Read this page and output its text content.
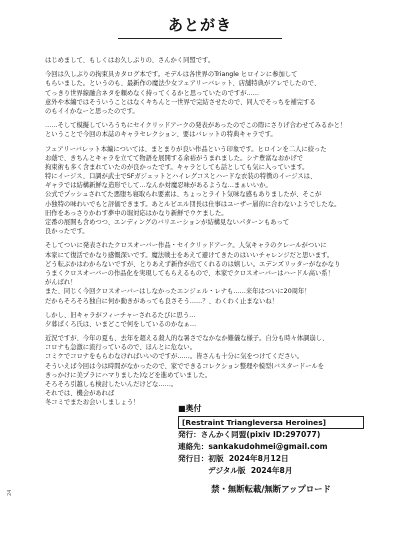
あとがき
はじめまして、もしくはお久しぶりの、さんかく同盟です。
今回は久しぶりの拘束具カタログ本です。モデルは各世界のTriangle ヒロインに参加して
もらいました。というのも、最新作の魔法少女フェアリーバレット、店舗特典がアレでしたので、
てっきり世界線融合ネタを頼めなく持ってくるかと思っていたのですが……
意外や本編ではそういうことはなくキちんと一世界で完結させたので、同人でそっちを補完する
のもイイかなーと思ったのです。
……そして模擬していろうちにセイクリッドアークの発表があったのでこの際にさりげ合わせてみるかと！
ということで今回の本誌のキャラセレクション、要はバレットの特典キャラです。
フェアリーバレット本編については、まとまりが良い作品という印象です。ヒロインを二人に絞った
お蔭で、きちんとキャラを立てて物語を展開する余裕がうまれました。シナ豊富なおかげで
拘束術も多く含まれていたのが良かったです。キャラとしても話としても気に入っています。
特にイージス、口調が武士でSFガジェットとハイレグコスとハードな衣装の特徴のイージスは、
ギャラでは結構新鮮な造形でして…なんか対魔忍味があるような…まぁいいか。
公式でプッシュされてた悪堕ち寝取られ要素は、ちょっとライト気味な感もありましたが、そこが
小独特の味わいでもと評価できます。あとルビエル団長は仕事はユーザー層的に合わないようでしたな。
旧作をあっさりかわす夢中の堀対応はかなり新鮮でウケました。
定番の展開も含めつつ、エンディングのバリエーションが結構見ないパターンもあって
良かったです。
そしてついに発表されたクロスオーバー作品・セイクリッドアーク。人気キャラのクレールがついに
本家にて復活でかなり感慨深いです。魔法戦士をあえて避けてきたのはいいチャレンジだと思います。
どう転ぶかはわからないですが、とりあえず新作が出てくれるのは嬉しい。エデンズリッターがなかなり
うまくクロスオーバーの作品化を実現してもらえるもので、本家でクロスオーバーはハードル高い系！
がんばれ！
また、同じく今回クロスオーバーはしなかったエンジェル・レナも……来年はついに20周年！
だからそろそろ独自に何か動きがあっても良さそう……？、わくわく止まないね！
しかし、旧キャラがフィーチャーされるたびに思う…
夕暮ぱくろ氏は、いまどこで何をしているのかなぁ…
近況ですが、今年の夏も、去年を超える殺人的な暑さでなかなか難儀な様子。自分も時々体調崩し、
コロナも急激に流行っているので、ほんとに危ない。
コミケでコロナをもらわなければいいのですが……。皆さんも十分に気をつけてください。
そういえば今回は今は時間がなかったので、家でできるコレクション整理や模型(バスタードールを
きっかけに美プラにハマりました)などを進めていました。
そろそろ引越しも検討したいんだけどな……。
それでは、機会があれば
冬コミでまたお会いしましょう！
■奥付
[Restraint Triangleversa Heroines]
発行：さんかく同盟(pixiv ID:297077)
連絡先：sankakudohmei@gmail.com
発行日：初版 2024年8月12日
デジタル版 2024年8月
禁・無断転載/無断アップロード
24
